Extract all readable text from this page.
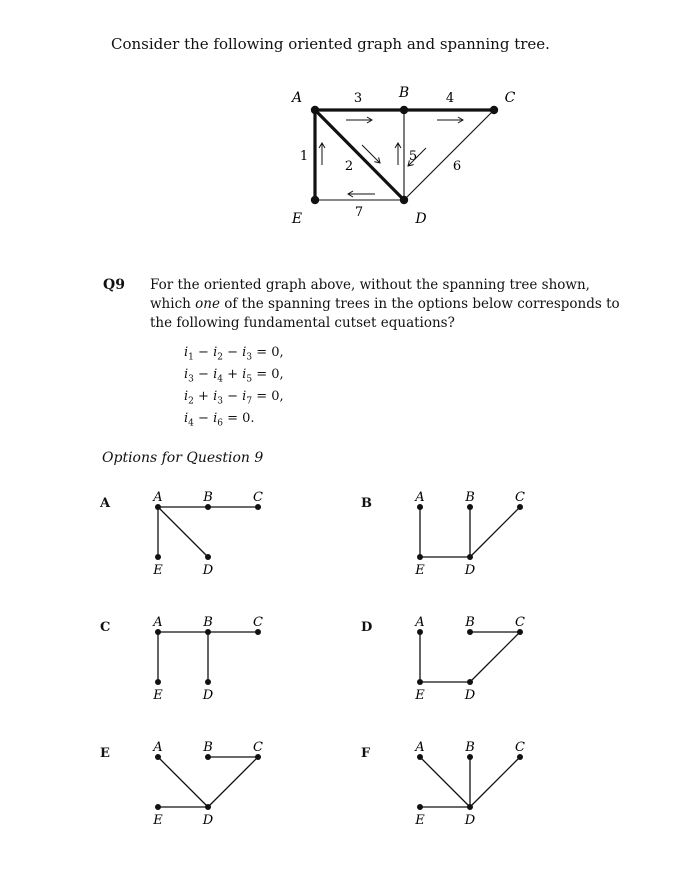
Consider the following oriented graph and spanning tree.
1
2
3	4
5
6
7
A	B	C
D
E
Q9 For the oriented graph above, without the spanning tree shown, which one of the spanning trees in the options below corresponds to the following fundamental cutset equations?
$i_1 - i_2 - i_3 = 0$,
$i_3 - i_4 + i_5 = 0$,
$i_2 + i_3 - i_7 = 0$,
$i_4 - i_6 = 0$.
Options for Question 9
A	B
C	D
E	F
A	B	C
D
E
A	B	C
D
E
A	B	C
D
E
A	B	C
D
E
A	B	C
D
E
A	B	C
D
E
